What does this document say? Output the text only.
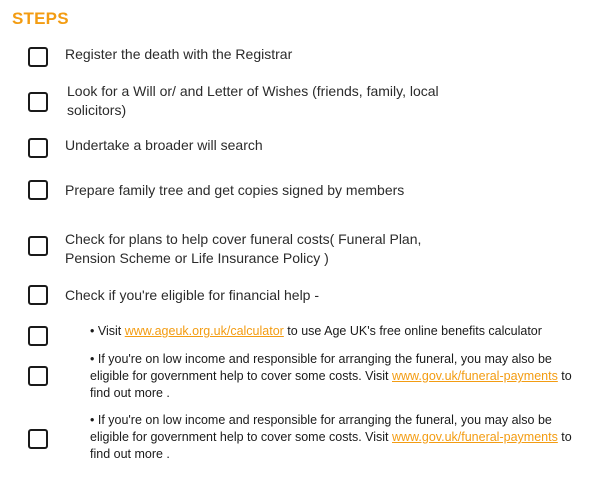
STEPS
Register the death with the Registrar
Look for a Will or/ and Letter of Wishes (friends, family, local solicitors)
Undertake a broader will search
Prepare family tree and get copies signed by members
Check for plans to help cover funeral costs( Funeral Plan, Pension Scheme or Life Insurance Policy )
Check if you're eligible for financial help -
• Visit www.ageuk.org.uk/calculator to use Age UK's free online benefits calculator
• If you're on low income and responsible for arranging the funeral, you may also be eligible for government help to cover some costs. Visit www.gov.uk/funeral-payments to find out more .
• If you're on low income and responsible for arranging the funeral, you may also be eligible for government help to cover some costs. Visit www.gov.uk/funeral-payments to find out more .
